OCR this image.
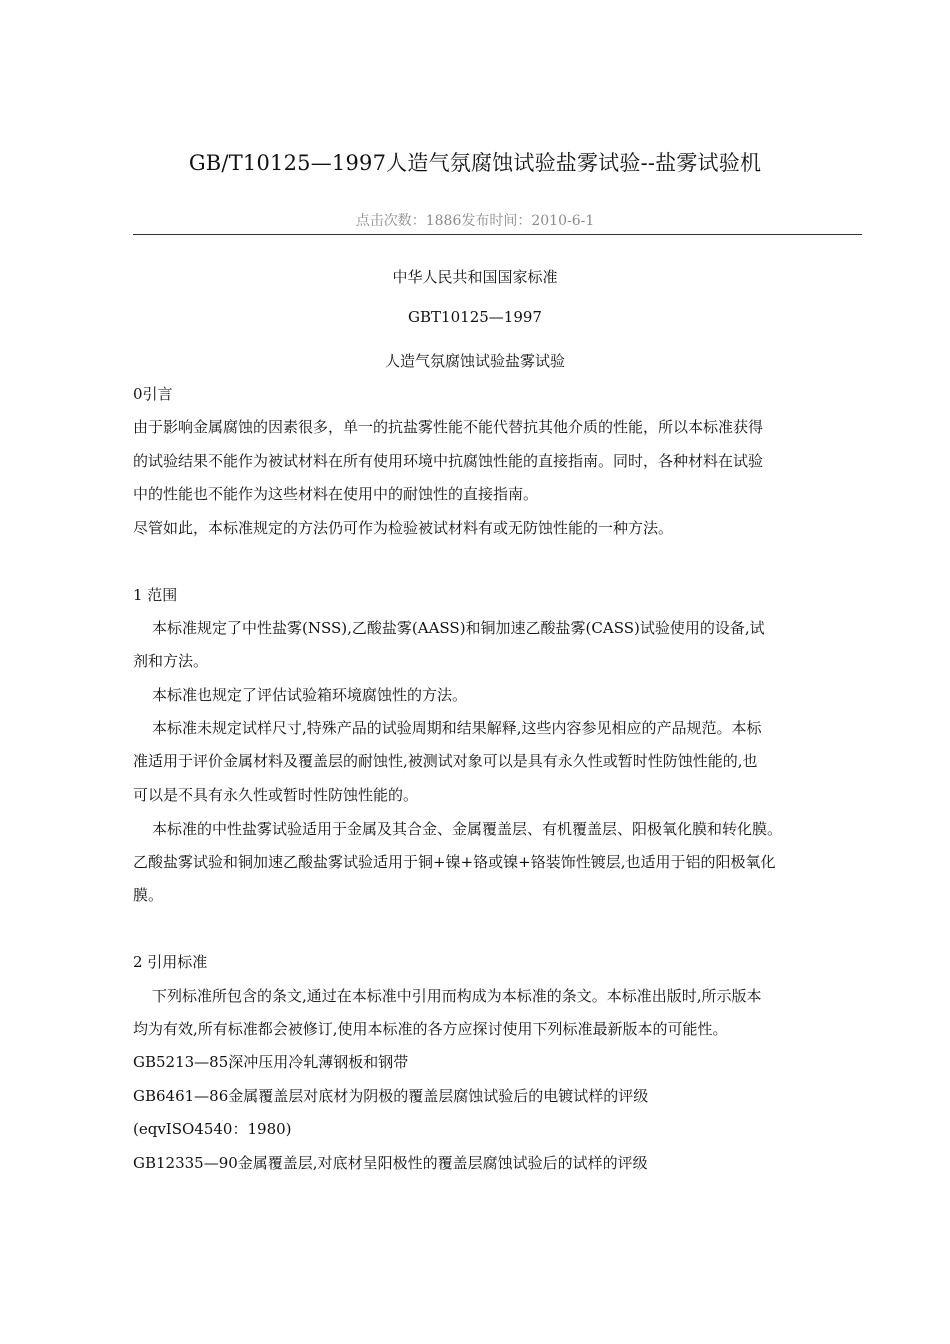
GB/T10125—1997人造气氛腐蚀试验盐雾试验--盐雾试验机
点击次数：1886发布时间：2010-6-1
中华人民共和国国家标准
GBT10125—1997
人造气氛腐蚀试验盐雾试验
0引言
由于影响金属腐蚀的因素很多，单一的抗盐雾性能不能代替抗其他介质的性能，所以本标准获得
的试验结果不能作为被试材料在所有使用环境中抗腐蚀性能的直接指南。同时，各种材料在试验
中的性能也不能作为这些材料在使用中的耐蚀性的直接指南。
尽管如此，本标准规定的方法仍可作为检验被试材料有或无防蚀性能的一种方法。
1 范围
本标准规定了中性盐雾(NSS),乙酸盐雾(AASS)和铜加速乙酸盐雾(CASS)试验使用的设备,试
剂和方法。
本标准也规定了评估试验箱环境腐蚀性的方法。
本标准未规定试样尺寸,特殊产品的试验周期和结果解释,这些内容参见相应的产品规范。本标
准适用于评价金属材料及覆盖层的耐蚀性,被测试对象可以是具有永久性或暂时性防蚀性能的,也
可以是不具有永久性或暂时性防蚀性能的。
本标准的中性盐雾试验适用于金属及其合金、金属覆盖层、有机覆盖层、阳极氧化膜和转化膜。
乙酸盐雾试验和铜加速乙酸盐雾试验适用于铜+镍+铬或镍+铬装饰性镀层,也适用于铝的阳极氧化
膜。
2 引用标准
下列标准所包含的条文,通过在本标准中引用而构成为本标准的条文。本标准出版时,所示版本
均为有效,所有标准都会被修订,使用本标准的各方应探讨使用下列标准最新版本的可能性。
GB5213—85深冲压用冷轧薄钢板和钢带
GB6461—86金属覆盖层对底材为阴极的覆盖层腐蚀试验后的电镀试样的评级
(eqvISO4540：1980)
GB12335—90金属覆盖层,对底材呈阳极性的覆盖层腐蚀试验后的试样的评级
